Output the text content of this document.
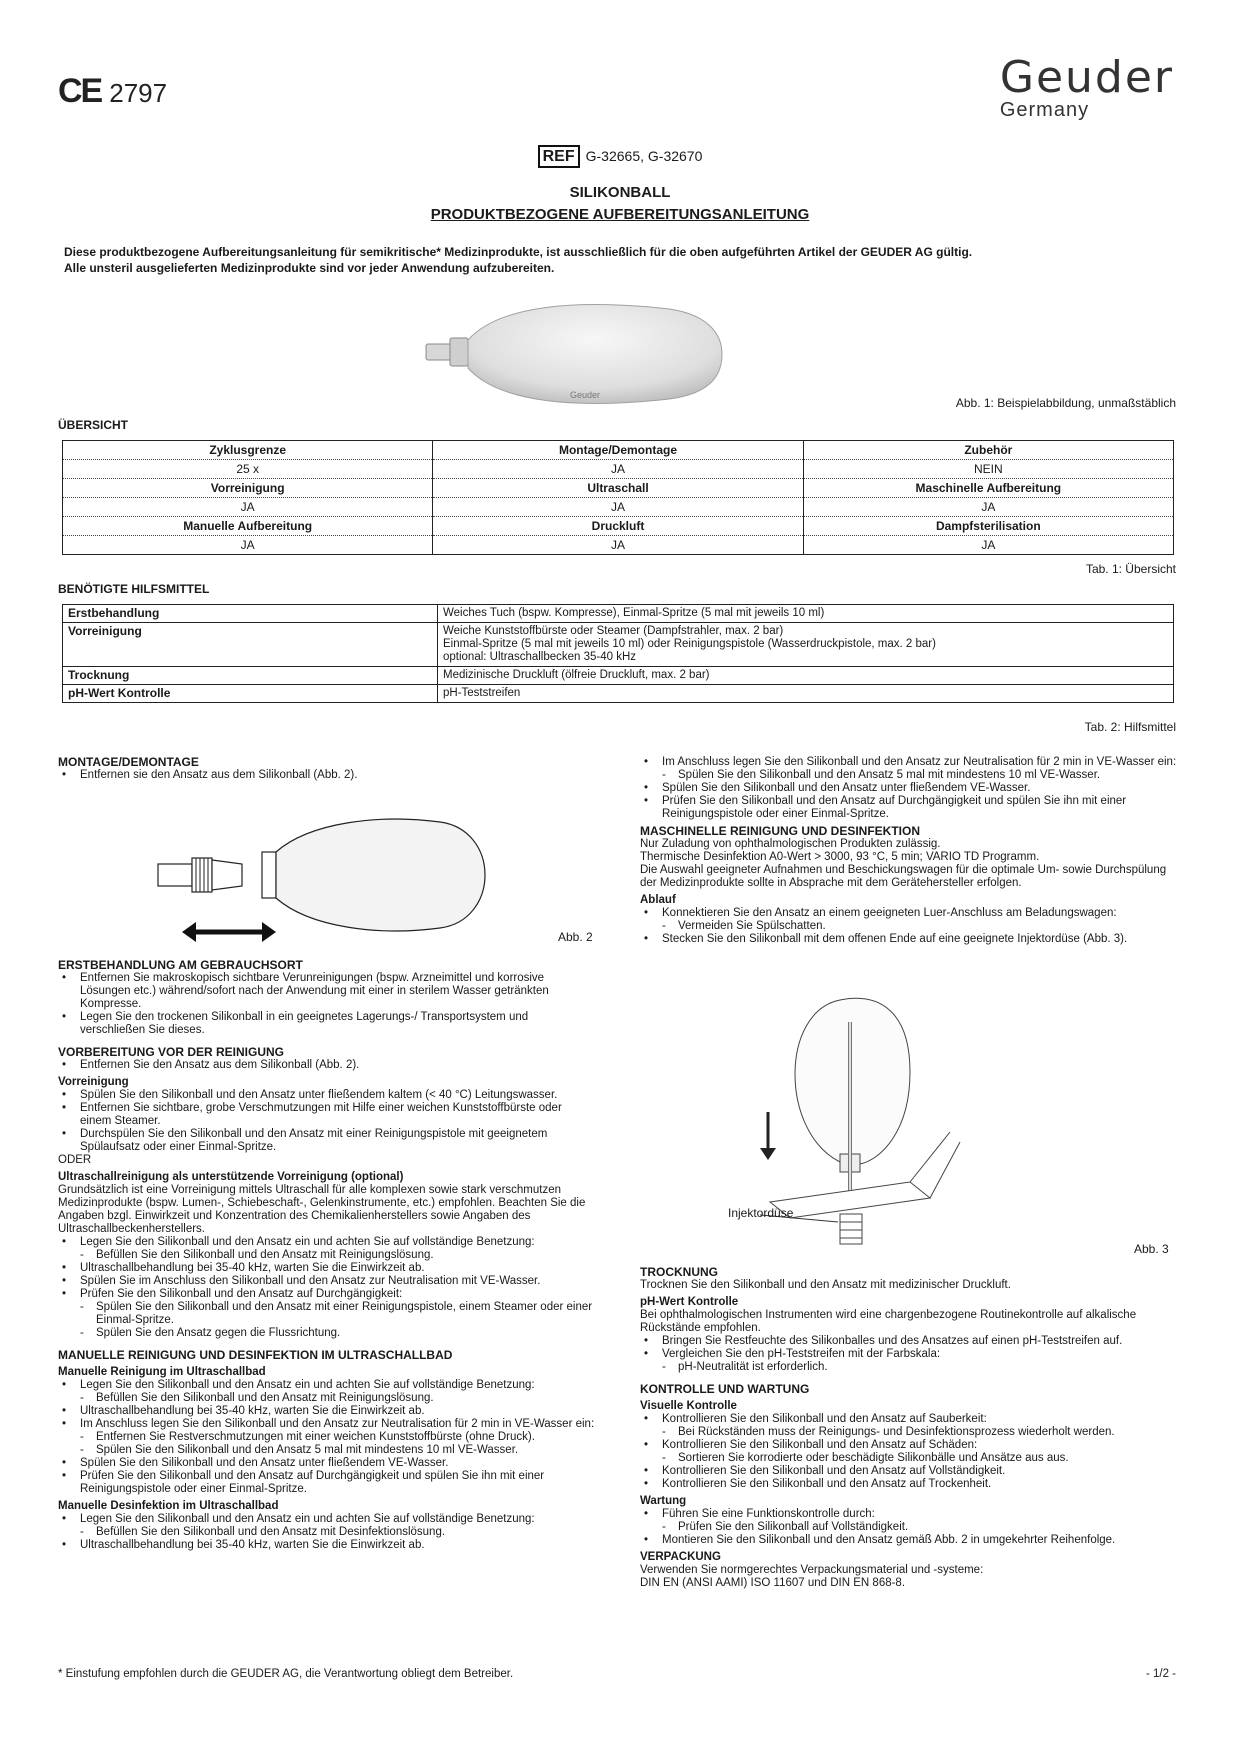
CE 2797	Geuder
Germany
REF G-32665, G-32670
SILIKONBALL
PRODUKTBEZOGENE AUFBEREITUNGSANLEITUNG
Diese produktbezogene Aufbereitungsanleitung für semikritische* Medizinprodukte, ist ausschließlich für die oben aufgeführten Artikel der GEUDER AG gültig.
Alle unsteril ausgelieferten Medizinprodukte sind vor jeder Anwendung aufzubereiten.
Geuder
Abb. 1: Beispielabbildung, unmaßstäblich
ÜBERSICHT
Zyklusgrenze	Montage/Demontage	Zubehör
25 x	JA	NEIN
Vorreinigung	Ultraschall	Maschinelle Aufbereitung
JA	JA	JA
Manuelle Aufbereitung	Druckluft	Dampfsterilisation
JA	JA	JA
Tab. 1: Übersicht
BENÖTIGTE HILFSMITTEL
Erstbehandlung	Weiches Tuch (bspw. Kompresse), Einmal-Spritze (5 mal mit jeweils 10 ml)

Vorreinigung	Weiche Kunststoffbürste oder Steamer (Dampfstrahler, max. 2 bar)
Einmal-Spritze (5 mal mit jeweils 10 ml) oder Reinigungspistole (Wasserdruckpistole, max. 2 bar)
optional: Ultraschallbecken 35-40 kHz

Trocknung	Medizinische Druckluft (ölfreie Druckluft, max. 2 bar)

pH-Wert Kontrolle	pH-Teststreifen
Tab. 2: Hilfsmittel

MONTAGE/DEMONTAGE

•	Entfernen sie den Ansatz aus dem Silikonball (Abb. 2).

ERSTBEHANDLUNG AM GEBRAUCHSORT

•	Entfernen Sie makroskopisch sichtbare Verunreinigungen (bspw. Arzneimittel und korrosive Lösungen etc.) während/sofort nach der Anwendung mit einer in sterilem Wasser getränkten Kompresse.
•	Legen Sie den trockenen Silikonball in ein geeignetes Lagerungs-/ Transportsystem und verschließen Sie dieses.

VORBEREITUNG VOR DER REINIGUNG

•	Entfernen Sie den Ansatz aus dem Silikonball (Abb. 2).

Vorreinigung

•	Spülen Sie den Silikonball und den Ansatz unter fließendem kaltem (< 40 °C) Leitungswasser.
•	Entfernen Sie sichtbare, grobe Verschmutzungen mit Hilfe einer weichen Kunststoffbürste oder einem Steamer.
•	Durchspülen Sie den Silikonball und den Ansatz mit einer Reinigungspistole mit geeignetem Spülaufsatz oder einer Einmal-Spritze.

ODER

Ultraschallreinigung als unterstützende Vorreinigung (optional)

Grundsätzlich ist eine Vorreinigung mittels Ultraschall für alle komplexen sowie stark verschmutzen Medizinprodukte (bspw. Lumen-, Schiebeschaft-, Gelenkinstrumente, etc.) empfohlen. Beachten Sie die Angaben bzgl. Einwirkzeit und Konzentration des Chemikalienherstellers sowie Angaben des Ultraschallbeckenherstellers.

•	Legen Sie den Silikonball und den Ansatz ein und achten Sie auf vollständige Benetzung:
-	Befüllen Sie den Silikonball und den Ansatz mit Reinigungslösung.
•	Ultraschallbehandlung bei 35-40 kHz, warten Sie die Einwirkzeit ab.
•	Spülen Sie im Anschluss den Silikonball und den Ansatz zur Neutralisation mit VE-Wasser.
•	Prüfen Sie den Silikonball und den Ansatz auf Durchgängigkeit:
-	Spülen Sie den Silikonball und den Ansatz mit einer Reinigungspistole, einem Steamer oder einer Einmal-Spritze.
-	Spülen Sie den Ansatz gegen die Flussrichtung.

MANUELLE REINIGUNG UND DESINFEKTION IM ULTRASCHALLBAD

Manuelle Reinigung im Ultraschallbad

•	Legen Sie den Silikonball und den Ansatz ein und achten Sie auf vollständige Benetzung:
-	Befüllen Sie den Silikonball und den Ansatz mit Reinigungslösung.
•	Ultraschallbehandlung bei 35-40 kHz, warten Sie die Einwirkzeit ab.
•	Im Anschluss legen Sie den Silikonball und den Ansatz zur Neutralisation für 2 min in VE-Wasser ein:
-	Entfernen Sie Restverschmutzungen mit einer weichen Kunststoffbürste (ohne Druck).
-	Spülen Sie den Silikonball und den Ansatz 5 mal mit mindestens 10 ml VE-Wasser.
•	Spülen Sie den Silikonball und den Ansatz unter fließendem VE-Wasser.
•	Prüfen Sie den Silikonball und den Ansatz auf Durchgängigkeit und spülen Sie ihn mit einer Reinigungspistole oder einer Einmal-Spritze.

Manuelle Desinfektion im Ultraschallbad

•	Legen Sie den Silikonball und den Ansatz ein und achten Sie auf vollständige Benetzung:
-	Befüllen Sie den Silikonball und den Ansatz mit Desinfektionslösung.
•	Ultraschallbehandlung bei 35-40 kHz, warten Sie die Einwirkzeit ab.
Abb. 2
•	Im Anschluss legen Sie den Silikonball und den Ansatz zur Neutralisation für 2 min in VE-Wasser ein:
-	Spülen Sie den Silikonball und den Ansatz 5 mal mit mindestens 10 ml VE-Wasser.
•	Spülen Sie den Silikonball und den Ansatz unter fließendem VE-Wasser.
•	Prüfen Sie den Silikonball und den Ansatz auf Durchgängigkeit und spülen Sie ihn mit einer Reinigungspistole oder einer Einmal-Spritze.

MASCHINELLE REINIGUNG UND DESINFEKTION

Nur Zuladung von ophthalmologischen Produkten zulässig.

Thermische Desinfektion A0-Wert > 3000, 93 °C, 5 min; VARIO TD Programm.

Die Auswahl geeigneter Aufnahmen und Beschickungswagen für die optimale Um- sowie Durchspülung der Medizinprodukte sollte in Absprache mit dem Gerätehersteller erfolgen.

Ablauf

•	Konnektieren Sie den Ansatz an einem geeigneten Luer-Anschluss am Beladungswagen:
-	Vermeiden Sie Spülschatten.
•	Stecken Sie den Silikonball mit dem offenen Ende auf eine geeignete Injektordüse (Abb. 3).
Injektordüse
Abb. 3

TROCKNUNG

Trocknen Sie den Silikonball und den Ansatz mit medizinischer Druckluft.

pH-Wert Kontrolle

Bei ophthalmologischen Instrumenten wird eine chargenbezogene Routinekontrolle auf alkalische Rückstände empfohlen.

•	Bringen Sie Restfeuchte des Silikonballes und des Ansatzes auf einen pH-Teststreifen auf.
•	Vergleichen Sie den pH-Teststreifen mit der Farbskala:
-	pH-Neutralität ist erforderlich.

KONTROLLE UND WARTUNG

Visuelle Kontrolle

•	Kontrollieren Sie den Silikonball und den Ansatz auf Sauberkeit:
-	Bei Rückständen muss der Reinigungs- und Desinfektionsprozess wiederholt werden.
•	Kontrollieren Sie den Silikonball und den Ansatz auf Schäden:
-	Sortieren Sie korrodierte oder beschädigte Silikonbälle und Ansätze aus aus.
•	Kontrollieren Sie den Silikonball und den Ansatz auf Vollständigkeit.
•	Kontrollieren Sie den Silikonball und den Ansatz auf Trockenheit.

Wartung

•	Führen Sie eine Funktionskontrolle durch:
-	Prüfen Sie den Silikonball auf Vollständigkeit.
•	Montieren Sie den Silikonball und den Ansatz gemäß Abb. 2 in umgekehrter Reihenfolge.

VERPACKUNG

Verwenden Sie normgerechtes Verpackungsmaterial und -systeme:

DIN EN (ANSI AAMI) ISO 11607 und DIN EN 868-8.

* Einstufung empfohlen durch die GEUDER AG, die Verantwortung obliegt dem Betreiber.	- 1/2 -
